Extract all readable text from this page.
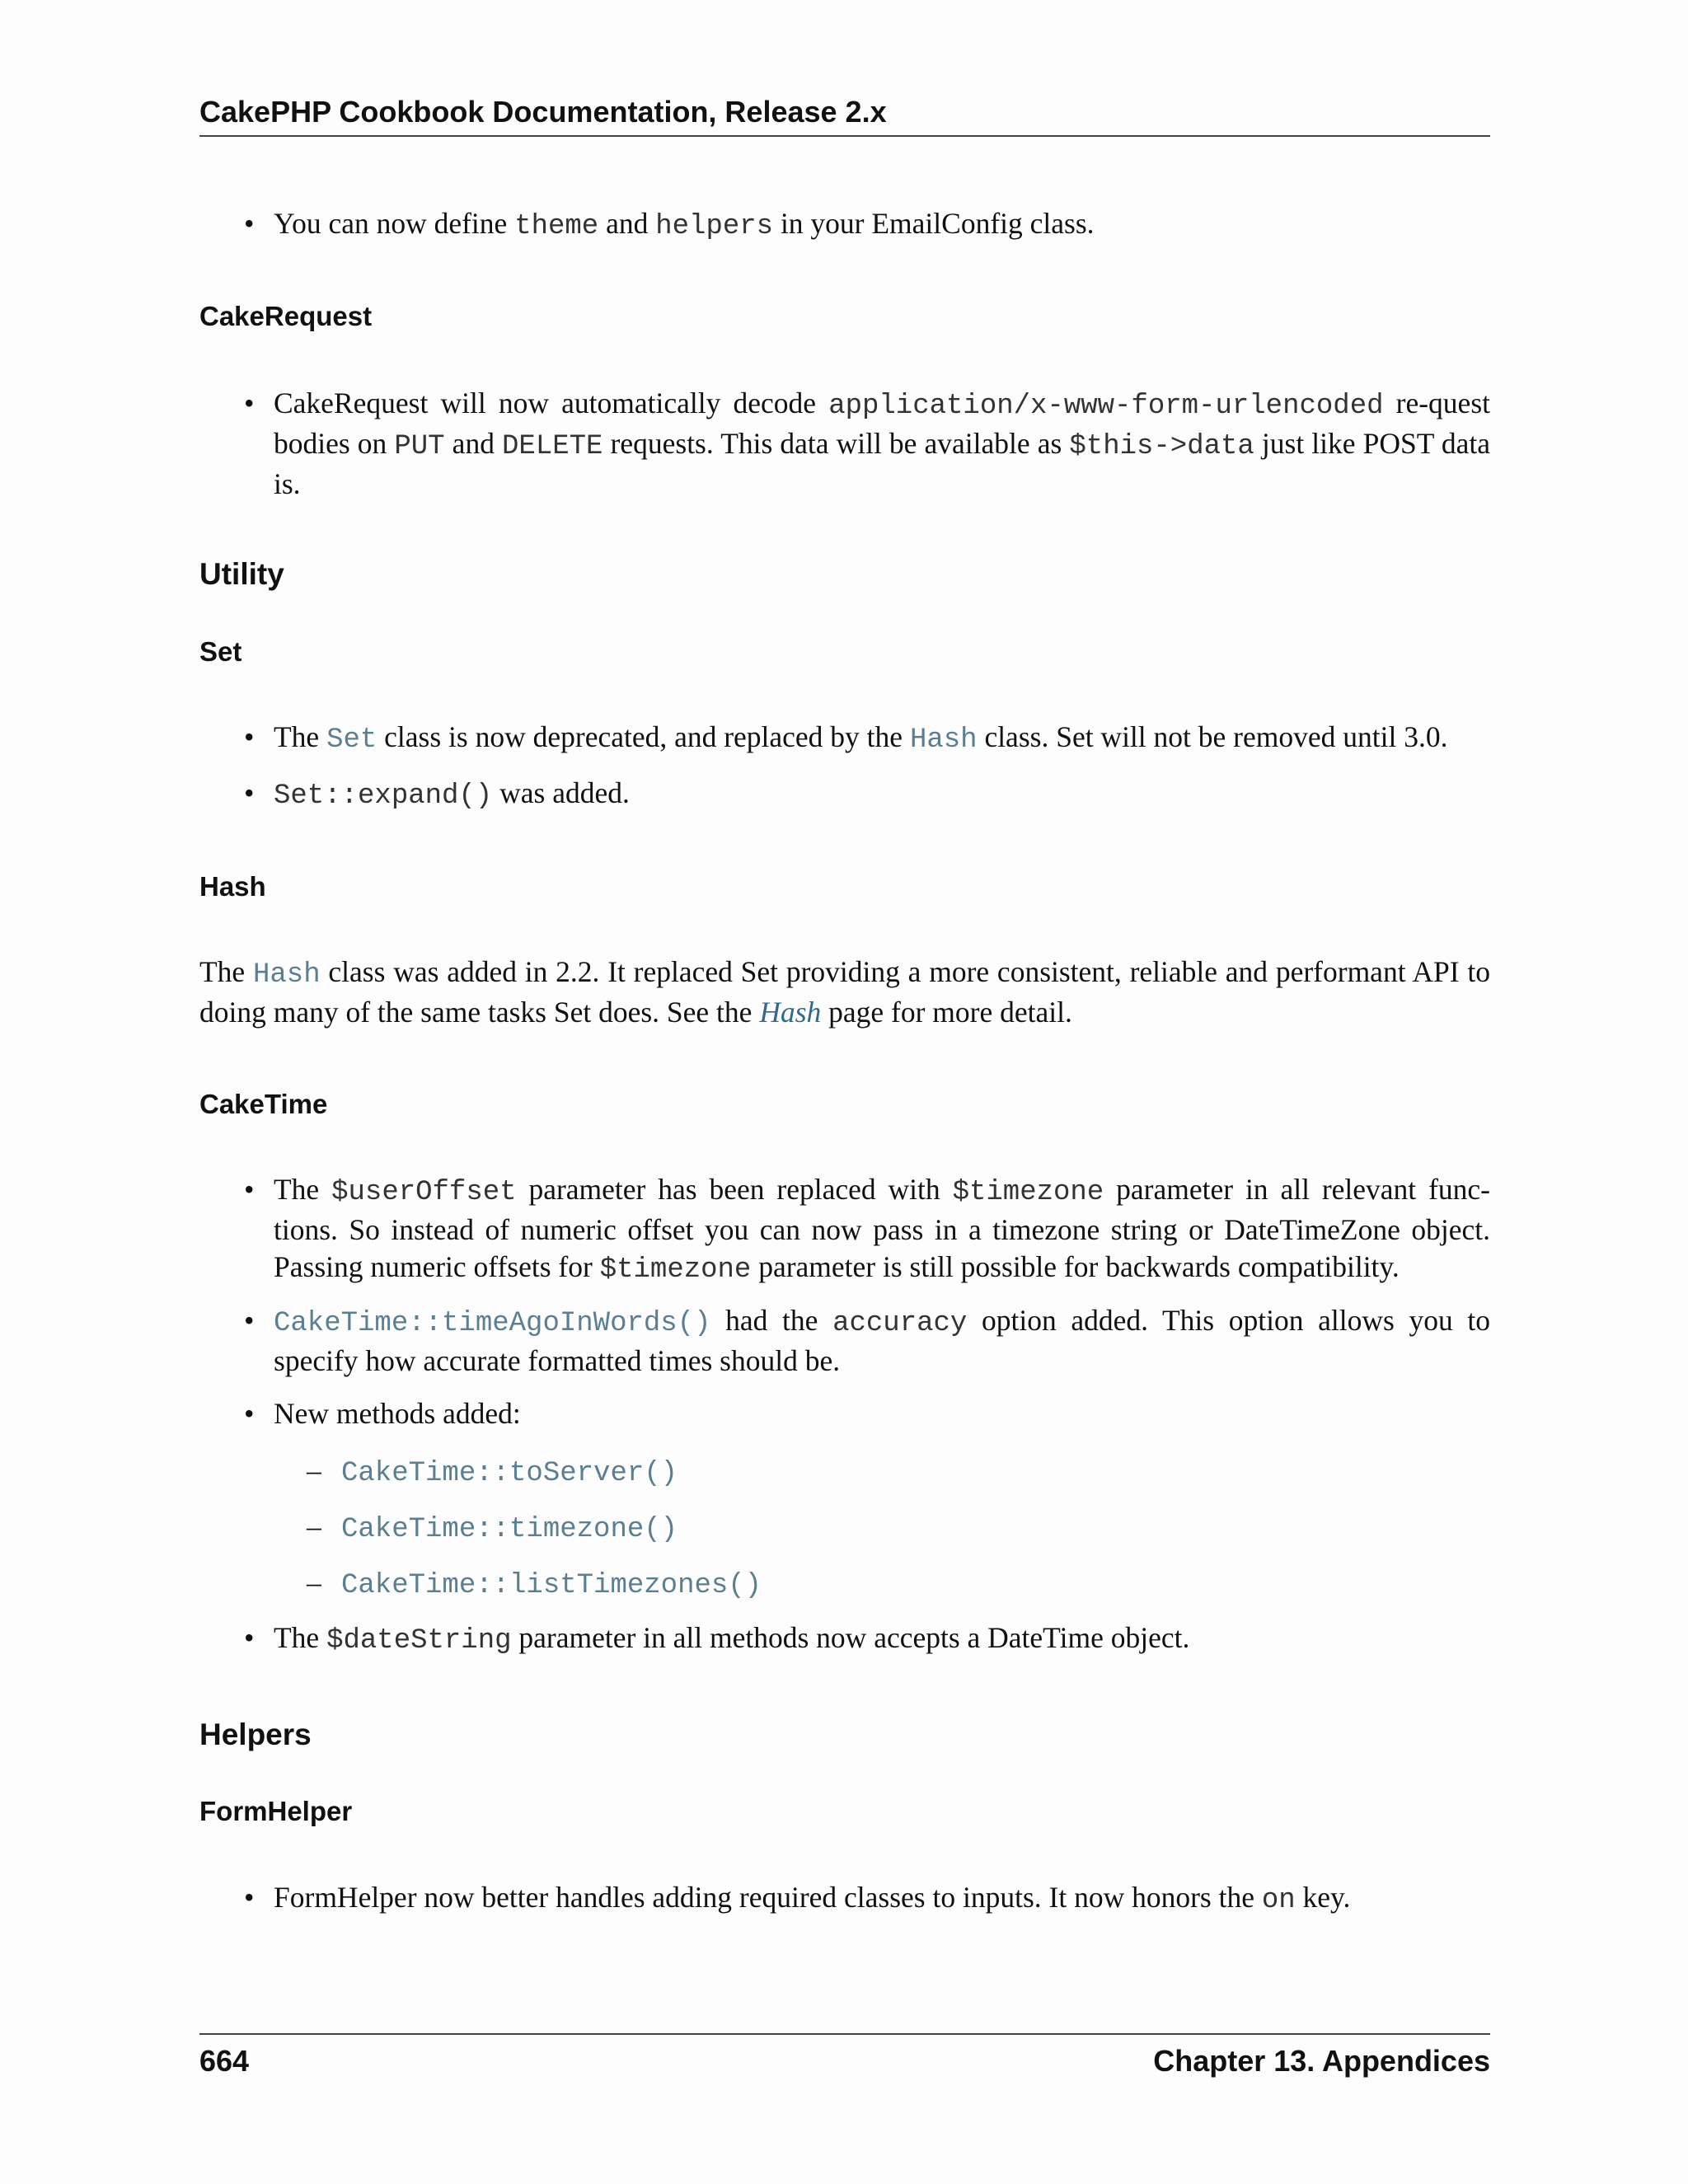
CakePHP Cookbook Documentation, Release 2.x
• You can now define theme and helpers in your EmailConfig class.
CakeRequest
• CakeRequest will now automatically decode application/x-www-form-urlencoded re-quest bodies on PUT and DELETE requests. This data will be available as $this->data just like POST data is.
Utility
Set
• The Set class is now deprecated, and replaced by the Hash class. Set will not be removed until 3.0.
• Set::expand() was added.
Hash
The Hash class was added in 2.2. It replaced Set providing a more consistent, reliable and performant API to doing many of the same tasks Set does. See the Hash page for more detail.
CakeTime
• The $userOffset parameter has been replaced with $timezone parameter in all relevant func-tions. So instead of numeric offset you can now pass in a timezone string or DateTimeZone object. Passing numeric offsets for $timezone parameter is still possible for backwards compatibility.
• CakeTime::timeAgoInWords() had the accuracy option added. This option allows you to specify how accurate formatted times should be.
• New methods added:
– CakeTime::toServer()
– CakeTime::timezone()
– CakeTime::listTimezones()
• The $dateString parameter in all methods now accepts a DateTime object.
Helpers
FormHelper
• FormHelper now better handles adding required classes to inputs. It now honors the on key.
664	Chapter 13. Appendices
